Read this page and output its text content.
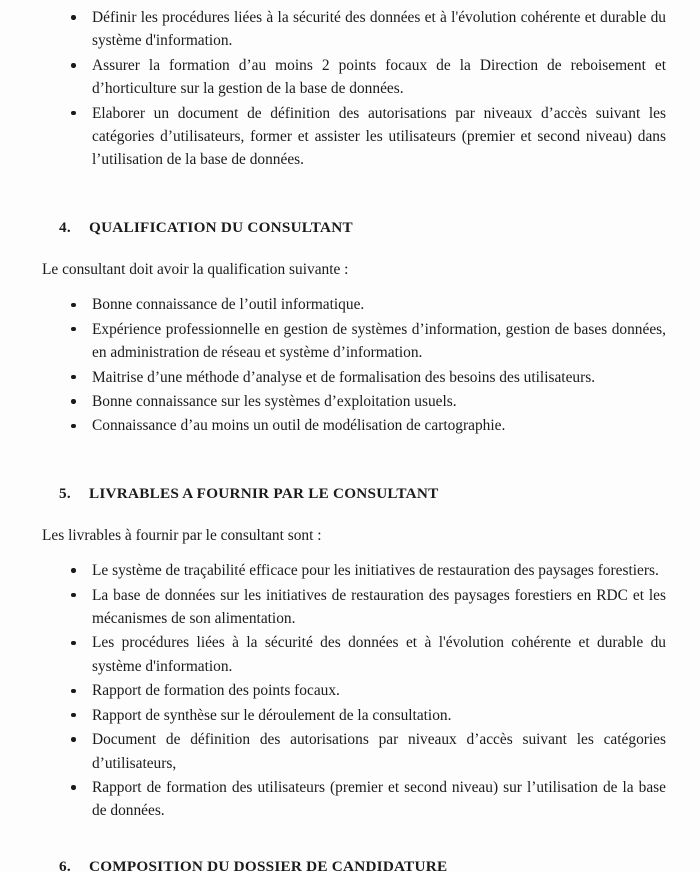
Définir les procédures liées à la sécurité des données et à l'évolution cohérente et durable du système d'information.
Assurer la formation d’au moins 2 points focaux de la Direction de reboisement et d’horticulture sur la gestion de la base de données.
Elaborer un document de définition des autorisations par niveaux d’accès suivant les catégories d’utilisateurs, former et assister les utilisateurs (premier et second niveau) dans l’utilisation de la base de données.
4.	QUALIFICATION DU CONSULTANT

Le consultant doit avoir la qualification suivante :

Bonne connaissance de l’outil informatique.
Expérience professionnelle en gestion de systèmes d’information, gestion de bases données, en administration de réseau et système d’information.
Maitrise d’une méthode d’analyse et de formalisation des besoins des utilisateurs.
Bonne connaissance sur les systèmes d’exploitation usuels.
Connaissance d’au moins un outil de modélisation de cartographie.
5.	LIVRABLES A FOURNIR PAR LE CONSULTANT

Les livrables à fournir par le consultant sont :

Le système de traçabilité efficace pour les initiatives de restauration des paysages forestiers.
La base de données sur les initiatives de restauration des paysages forestiers en RDC et les mécanismes de son alimentation.
Les procédures liées à la sécurité des données et à l'évolution cohérente et durable du système d'information.
Rapport de formation des points focaux.
Rapport de synthèse sur le déroulement de la consultation.
Document de définition des autorisations par niveaux d’accès suivant les catégories d’utilisateurs,
Rapport de formation des utilisateurs (premier et second niveau) sur l’utilisation de la base de données.
6.	COMPOSITION DU DOSSIER DE CANDIDATURE
